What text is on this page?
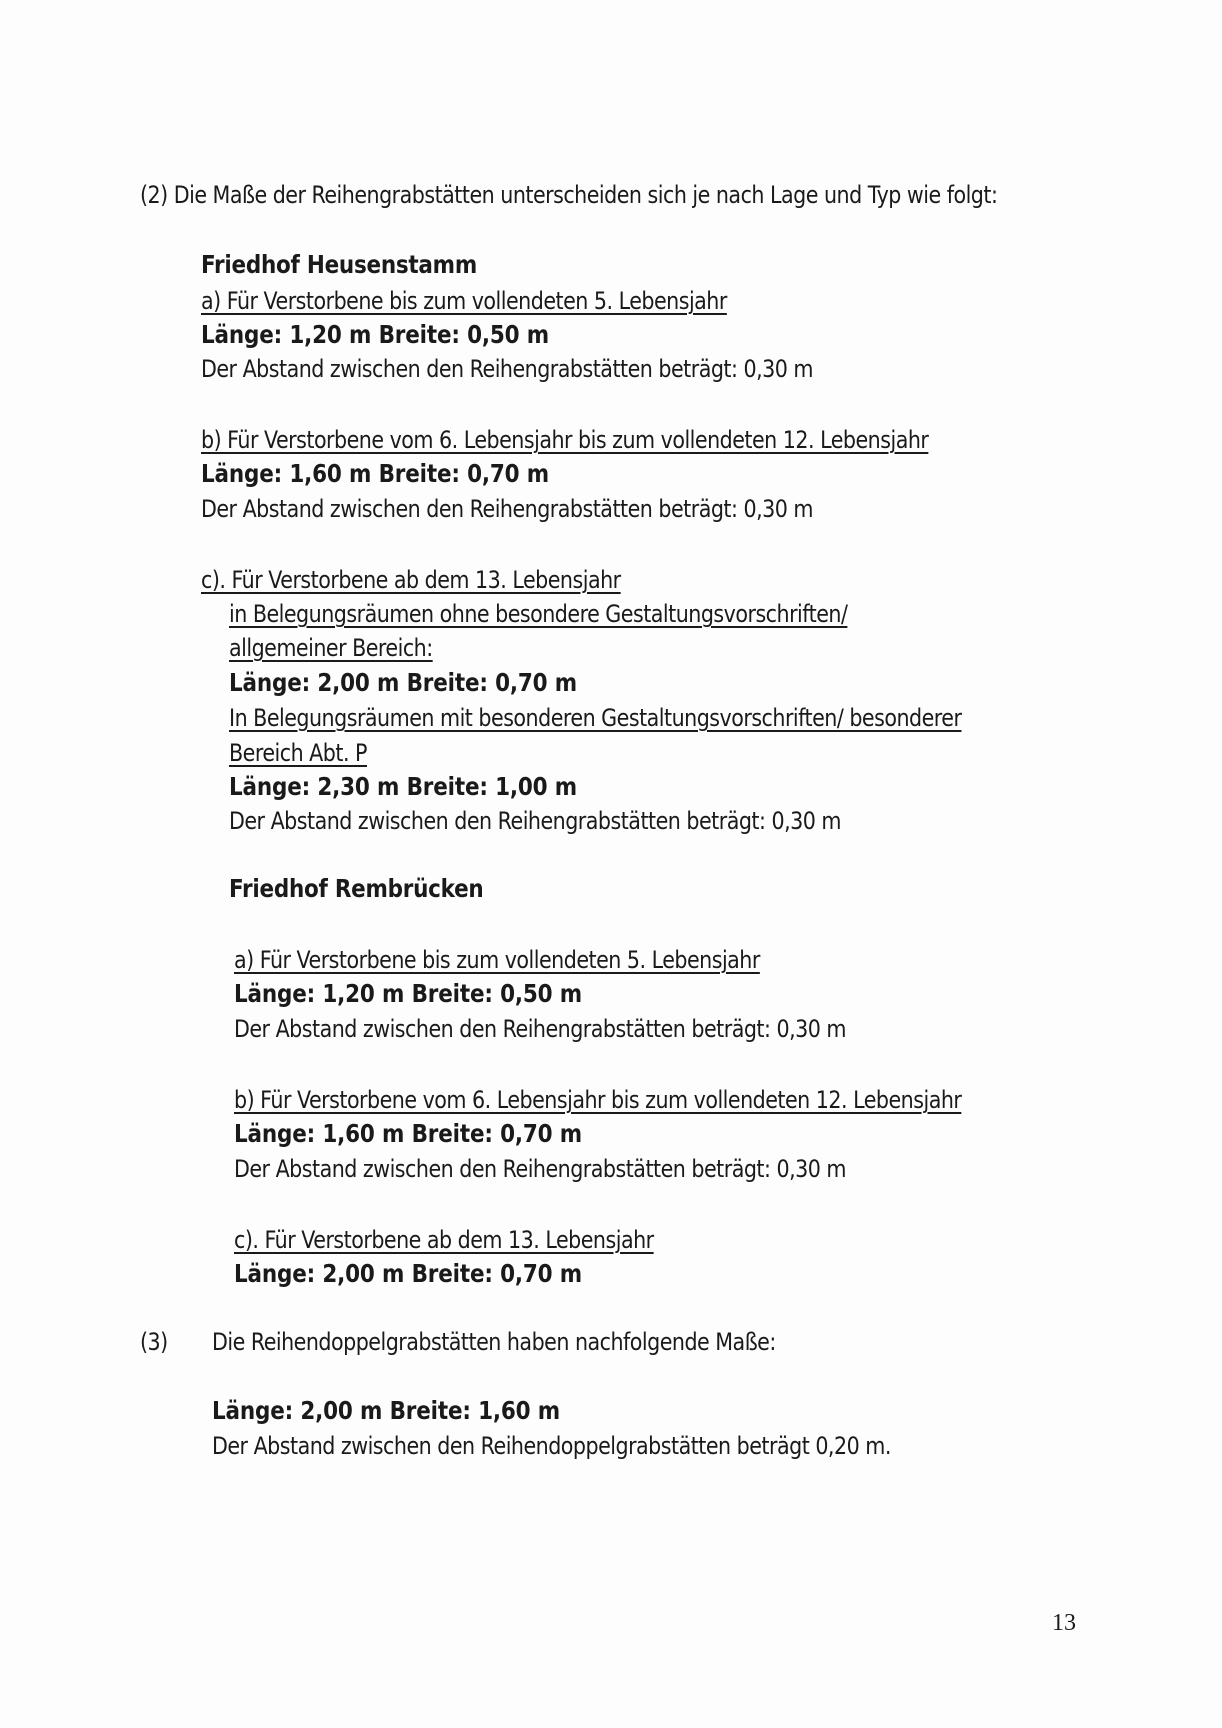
(2) Die Maße der Reihengrabstätten unterscheiden sich je nach Lage und Typ wie folgt:
Friedhof Heusenstamm
a) Für Verstorbene bis zum vollendeten 5. Lebensjahr
Länge: 1,20 m Breite: 0,50 m
Der Abstand zwischen den Reihengrabstätten beträgt: 0,30 m
b) Für Verstorbene vom 6. Lebensjahr bis zum vollendeten 12. Lebensjahr
Länge: 1,60 m Breite: 0,70 m
Der Abstand zwischen den Reihengrabstätten beträgt: 0,30 m
c). Für Verstorbene ab dem 13. Lebensjahr
in Belegungsräumen ohne besondere Gestaltungsvorschriften/
allgemeiner Bereich:
Länge: 2,00 m Breite: 0,70 m
In Belegungsräumen mit besonderen Gestaltungsvorschriften/ besonderer
Bereich Abt. P
Länge: 2,30 m Breite: 1,00 m
Der Abstand zwischen den Reihengrabstätten beträgt: 0,30 m
Friedhof Rembrücken
a) Für Verstorbene bis zum vollendeten 5. Lebensjahr
Länge: 1,20 m Breite: 0,50 m
Der Abstand zwischen den Reihengrabstätten beträgt: 0,30 m
b) Für Verstorbene vom 6. Lebensjahr bis zum vollendeten 12. Lebensjahr
Länge: 1,60 m Breite: 0,70 m
Der Abstand zwischen den Reihengrabstätten beträgt: 0,30 m
c). Für Verstorbene ab dem 13. Lebensjahr
Länge: 2,00 m Breite: 0,70 m
(3) Die Reihendoppelgrabstätten haben nachfolgende Maße:
Länge: 2,00 m Breite: 1,60 m
Der Abstand zwischen den Reihendoppelgrabstätten beträgt 0,20 m.
13
